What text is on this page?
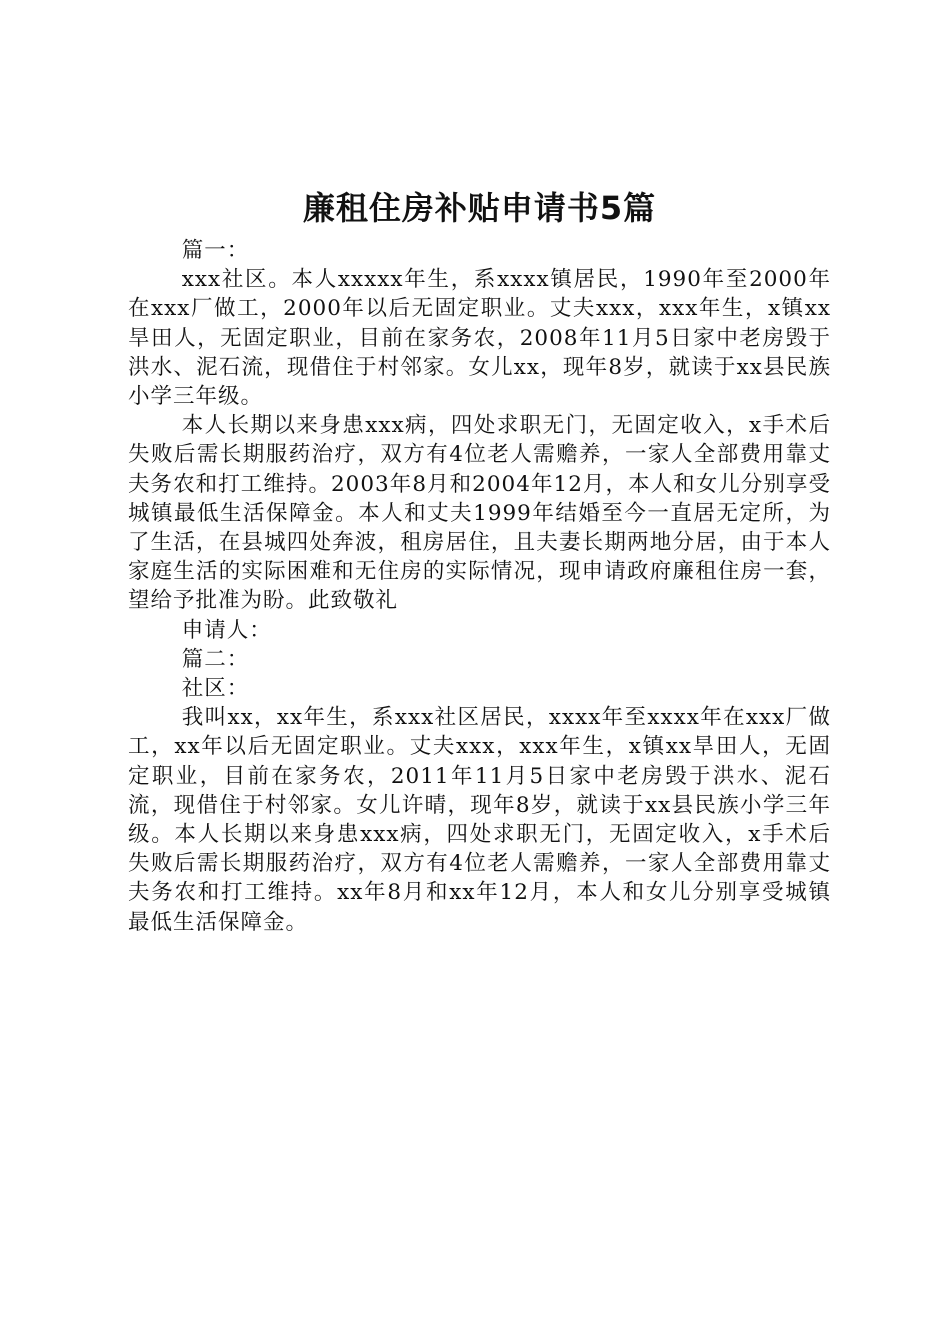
廉租住房补贴申请书5篇

篇一：

xxx社区。本人xxxxx年生，系xxxx镇居民，1990年至2000年在xxx厂做工，2000年以后无固定职业。丈夫xxx，xxx年生，x镇xx旱田人，无固定职业，目前在家务农，2008年11月5日家中老房毁于洪水、泥石流，现借住于村邻家。女儿xx，现年8岁，就读于xx县民族小学三年级。

本人长期以来身患xxx病，四处求职无门，无固定收入，x手术后失败后需长期服药治疗，双方有4位老人需赡养，一家人全部费用靠丈夫务农和打工维持。2003年8月和2004年12月，本人和女儿分别享受城镇最低生活保障金。本人和丈夫1999年结婚至今一直居无定所，为了生活，在县城四处奔波，租房居住，且夫妻长期两地分居，由于本人家庭生活的实际困难和无住房的实际情况，现申请政府廉租住房一套，望给予批准为盼。此致敬礼

申请人：

篇二：

社区：

我叫xx，xx年生，系xxx社区居民，xxxx年至xxxx年在xxx厂做工，xx年以后无固定职业。丈夫xxx，xxx年生，x镇xx旱田人，无固定职业，目前在家务农，2011年11月5日家中老房毁于洪水、泥石流，现借住于村邻家。女儿许晴，现年8岁，就读于xx县民族小学三年级。本人长期以来身患xxx病，四处求职无门，无固定收入，x手术后失败后需长期服药治疗，双方有4位老人需赡养，一家人全部费用靠丈夫务农和打工维持。xx年8月和xx年12月，本人和女儿分别享受城镇最低生活保障金。
